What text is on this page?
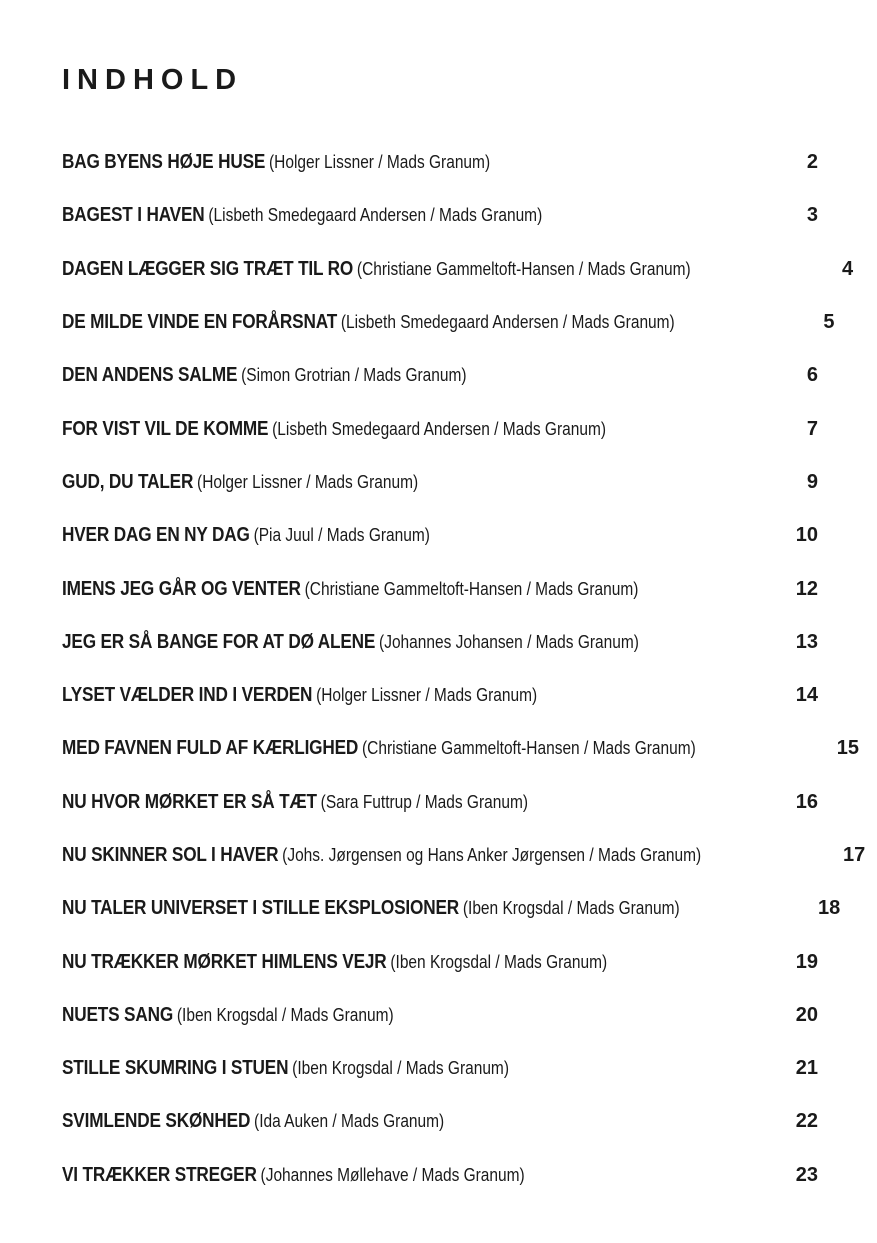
INDHOLD
BAG BYENS HØJE HUSE (Holger Lissner / Mads Granum)	2
BAGEST I HAVEN (Lisbeth Smedegaard Andersen / Mads Granum)	3
DAGEN LÆGGER SIG TRÆT TIL RO (Christiane Gammeltoft-Hansen / Mads Granum)	4
DE MILDE VINDE EN FORÅRSNAT (Lisbeth Smedegaard Andersen / Mads Granum)	5
DEN ANDENS SALME (Simon Grotrian / Mads Granum)	6
FOR VIST VIL DE KOMME (Lisbeth Smedegaard Andersen / Mads Granum)	7
GUD, DU TALER (Holger Lissner / Mads Granum)	9
HVER DAG EN NY DAG (Pia Juul / Mads Granum)	10
IMENS JEG GÅR OG VENTER (Christiane Gammeltoft-Hansen / Mads Granum)	12
JEG ER SÅ BANGE FOR AT DØ ALENE (Johannes Johansen / Mads Granum)	13
LYSET VÆLDER IND I VERDEN (Holger Lissner / Mads Granum)	14
MED FAVNEN FULD AF KÆRLIGHED (Christiane Gammeltoft-Hansen / Mads Granum)	15
NU HVOR MØRKET ER SÅ TÆT (Sara Futtrup / Mads Granum)	16
NU SKINNER SOL I HAVER (Johs. Jørgensen og Hans Anker Jørgensen / Mads Granum)	17
NU TALER UNIVERSET I STILLE EKSPLOSIONER (Iben Krogsdal / Mads Granum)	18
NU TRÆKKER MØRKET HIMLENS VEJR (Iben Krogsdal / Mads Granum)	19
NUETS SANG (Iben Krogsdal / Mads Granum)	20
STILLE SKUMRING I STUEN (Iben Krogsdal / Mads Granum)	21
SVIMLENDE SKØNHED (Ida Auken / Mads Granum)	22
VI TRÆKKER STREGER (Johannes Møllehave / Mads Granum)	23
